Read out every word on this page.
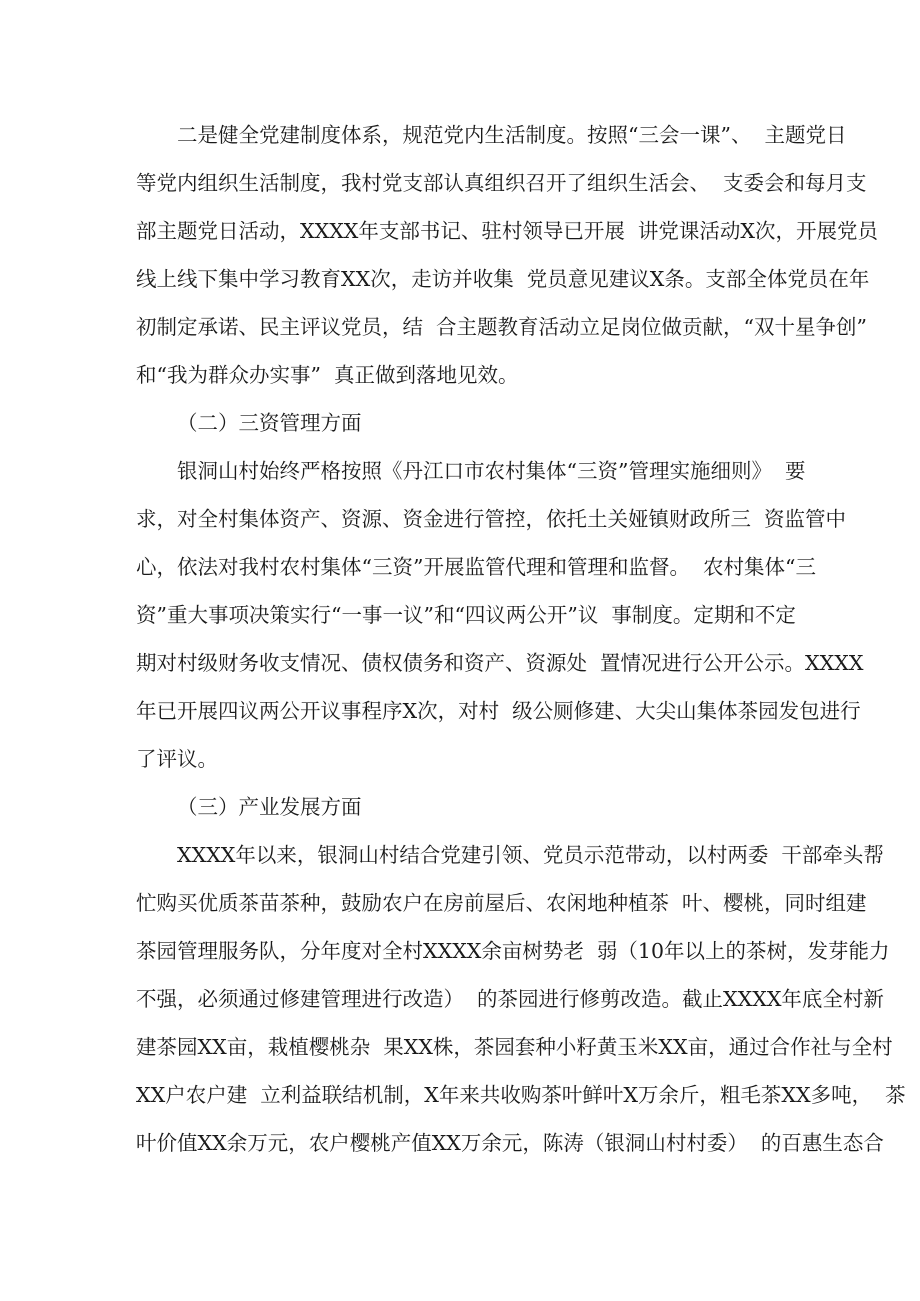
二是健全党建制度体系，规范党内生活制度。按照“三会一课”、  主题党日
等党内组织生活制度，我村党支部认真组织召开了组织生活会、  支委会和每月支
部主题党日活动，XXXX年支部书记、驻村领导已开展  讲党课活动X次，开展党员
线上线下集中学习教育XX次，走访并收集  党员意见建议X条。支部全体党员在年
初制定承诺、民主评议党员，结  合主题教育活动立足岗位做贡献，“双十星争创”
和“我为群众办实事”  真正做到落地见效。
（二）三资管理方面
银洞山村始终严格按照《丹江口市农村集体“三资”管理实施细则》  要
求，对全村集体资产、资源、资金进行管控，依托土关娅镇财政所三  资监管中
心，依法对我村农村集体“三资”开展监管代理和管理和监督。  农村集体“三
资”重大事项决策实行“一事一议”和“四议两公开”议  事制度。定期和不定
期对村级财务收支情况、债权债务和资产、资源处  置情况进行公开公示。XXXX
年已开展四议两公开议事程序X次，对村  级公厕修建、大尖山集体茶园发包进行
了评议。
（三）产业发展方面
XXXX年以来，银洞山村结合党建引领、党员示范带动，以村两委  干部牵头帮
忙购买优质茶苗茶种，鼓励农户在房前屋后、农闲地种植茶  叶、樱桃，同时组建
茶园管理服务队，分年度对全村XXXX余亩树势老  弱（10年以上的茶树，发芽能力
不强，必须通过修建管理进行改造）  的茶园进行修剪改造。截止XXXX年底全村新
建茶园XX亩，栽植樱桃杂  果XX株，茶园套种小籽黄玉米XX亩，通过合作社与全村
XX户农户建  立利益联结机制，X年来共收购茶叶鲜叶X万余斤，粗毛茶XX多吨，  茶
叶价值XX余万元，农户樱桃产值XX万余元，陈涛（银洞山村村委）  的百惠生态合
